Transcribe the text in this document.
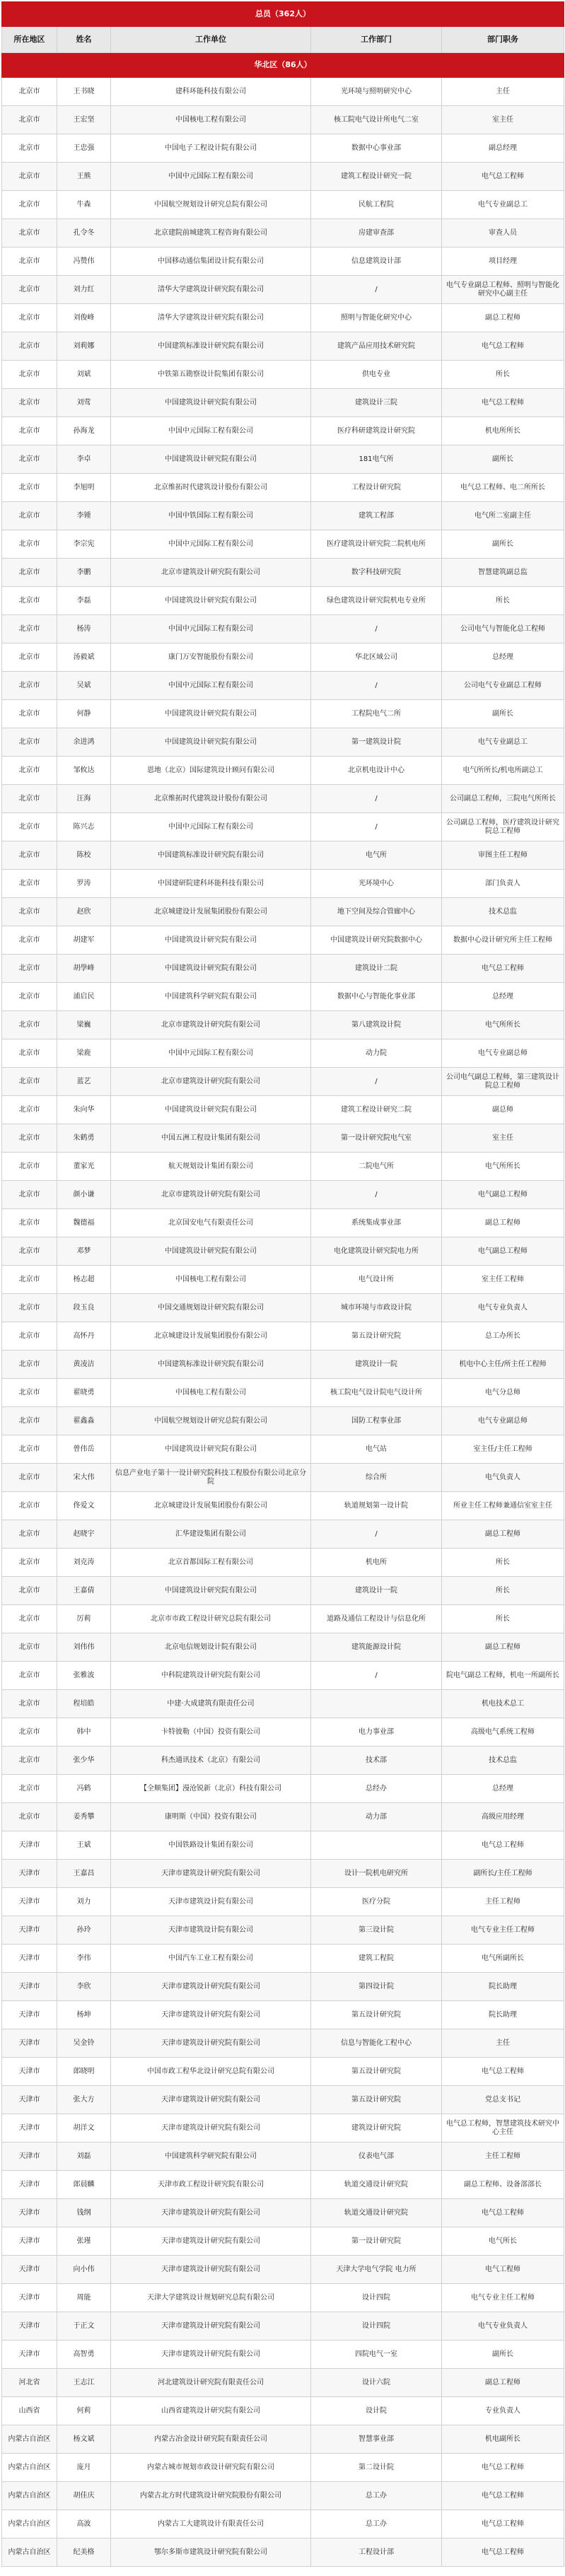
总员（362人）				
所在地区	姓名	工作单位	工作部门	部门职务
华北区（86人）				
北京市	王书晓	建科环能科技有限公司	光环境与照明研究中心	主任
北京市	王宏坚	中国核电工程有限公司	核工院电气设计所电气二室	室主任
北京市	王忠强	中国电子工程设计院有限公司	数据中心事业部	副总经理
北京市	王熊	中国中元国际工程有限公司	建筑工程设计研究一院	电气总工程师
北京市	牛森	中国航空规划设计研究总院有限公司	民航工程院	电气专业副总工
北京市	孔令冬	北京建院前城建筑工程咨询有限公司	房建审查部	审查人员
北京市	冯赞伟	中国移动通信集团设计院有限公司	信息建筑设计部	项目经理
北京市	刘力红	清华大学建筑设计研究院有限公司	/	电气专业副总工程师、照明与智能化研究中心副主任
北京市	刘俊峰	清华大学建筑设计研究院有限公司	照明与智能化研究中心	副总工程师
北京市	刘莉娜	中国建筑标准设计研究院有限公司	建筑产品应用技术研究院	电气总工程师
北京市	刘斌	中铁第五勘察设计院集团有限公司	供电专业	所长
北京市	刘莺	中国建筑设计研究院有限公司	建筑设计三院	电气总工程师
北京市	孙海龙	中国中元国际工程有限公司	医疗科研建筑设计研究院	机电所所长
北京市	李卓	中国建筑设计研究院有限公司	181电气所	副所长
北京市	李旭明	北京维拓时代建筑设计股份有限公司	工程设计研究院	电气总工程师、电二所所长
北京市	李锺	中国中铁国际工程有限公司	建筑工程部	电气所二室副主任
北京市	李宗宪	中国中元国际工程有限公司	医疗建筑设计研究院二院机电所	副所长
北京市	李鹏	北京市建筑设计研究院有限公司	数字科技研究院	智慧建筑副总监
北京市	李磊	中国建筑设计研究院有限公司	绿色建筑设计研究院机电专业所	所长
北京市	杨涛	中国中元国际工程有限公司	/	公司电气与智能化总工程师
北京市	汤毅斌	康门万安智能股份有限公司	华北区域公司	总经理
北京市	吴斌	中国中元国际工程有限公司	/	公司电气专业副总工程师
北京市	何静	中国建筑设计研究院有限公司	工程院电气二所	副所长
北京市	余进鸿	中国建筑设计研究院有限公司	第一建筑设计院	电气专业副总工
北京市	邹攸达	恩地（北京）国际建筑设计顾问有限公司	北京机电设计中心	电气所所长/机电所副总工
北京市	汪海	北京维拓时代建筑设计股份有限公司	/	公司副总工程师，三院电气所所长
北京市	陈兴志	中国中元国际工程有限公司	/	公司副总工程师，医疗建筑设计研究院总工程师
北京市	陈校	中国建筑标准设计研究院有限公司	电气所	审图主任工程师
北京市	罗涛	中国建研院建科环能科技有限公司	光环境中心	部门负责人
北京市	赵欣	北京城建设计发展集团股份有限公司	地下空间及综合管廊中心	技术总监
北京市	胡建军	中国建筑设计研究院有限公司	中国建筑设计研究院数据中心	数据中心设计研究所主任工程师
北京市	胡學峰	中国建筑设计研究院有限公司	建筑设计二院	电气总工程师
北京市	浦启民	中国建筑科学研究院有限公司	数据中心与智能化事业部	总经理
北京市	梁巍	北京市建筑设计研究院有限公司	第八建筑设计院	电气所所长
北京市	梁鹿	中国中元国际工程有限公司	动力院	电气专业副总师
北京市	蓝艺	北京市建筑设计研究院有限公司	/	公司电气副总工程师，第三建筑设计院总工程师
北京市	朱向华	中国建筑设计研究院有限公司	建筑工程设计研究二院	副总师
北京市	朱鹤勇	中国五洲工程设计集团有限公司	第一设计研究院电气室	室主任
北京市	董家光	航天规划设计集团有限公司	二院电气所	电气所所长
北京市	颜小谦	北京市建筑设计研究院有限公司	/	电气副总工程师
北京市	魏德福	北京国安电气有限责任公司	系统集成事业部	副总工程师
北京市	邓梦	中国建筑设计研究院有限公司	电化建筑设计研究院电力所	电气副总工程师
北京市	杨志超	中国核电工程有限公司	电气设计所	室主任工程师
北京市	段玉良	中国交通规划设计研究院有限公司	城市环境与市政设计院	电气专业负责人
北京市	高怀丹	北京城建设计发展集团股份有限公司	第五设计研究院	总工办所长
北京市	黄凌洁	中国建筑标准设计研究院有限公司	建筑设计一院	机电中心主任/所主任工程师
北京市	翟晓勇	中国核电工程有限公司	核工院电气设计院电气设计所	电气分总师
北京市	翟鑫淼	中国航空规划设计研究总院有限公司	国防工程事业部	电气专业副总师
北京市	曾伟岳	中国建筑设计研究院有限公司	电气站	室主任/主任工程师
北京市	宋大伟	信息产业电子第十一设计研究院科技工程股份有限公司北京分院	综合所	电气负责人
北京市	佟爱文	北京城建设计发展集团股份有限公司	轨道规划第一设计院	所业主任工程师兼通信室室主任
北京市	赵晓宇	汇华建设集团有限公司	/	副总工程师
北京市	刘克涛	北京首都国际工程有限公司	机电所	所长
北京市	王嘉倩	中国建筑设计研究院有限公司	建筑设计一院	所长
北京市	厉莉	北京市市政工程设计研究总院有限公司	道路及通信工程设计与信息化所	所长
北京市	刘伟伟	北京电信规划设计院有限公司	建筑能源设计院	副总工程师
北京市	张雅波	中科院建筑设计研究院有限公司	/	院电气副总工程师，机电一所副所长
北京市	程培皓	中建·大成建筑有限责任公司		机电技术总工
北京市	韩中	卡特彼勒（中国）投资有限公司	电力事业部	高级电气系统工程师
北京市	张少华	科杰通讯技术（北京）有限公司	技术部	技术总监
北京市	冯鹤	【全顺集团】漫沧锐新（北京）科技有限公司	总经办	总经理
北京市	姜秀攀	康明斯（中国）投资有限公司	动力部	高级应用经理
天津市	王斌	中国铁路设计集团有限公司		电气总工程师
天津市	王嘉昌	天津市建筑设计研究院有限公司	设计一院机电研究所	副所长/主任工程师
天津市	刘力	天津市建筑设计院有限公司	医疗分院	主任工程师
天津市	孙玲	天津市建筑设计院有限公司	第三设计院	电气专业主任工程师
天津市	李伟	中国汽车工业工程有限公司	建筑工程院	电气所副所长
天津市	李欣	天津市建筑设计研究院有限公司	第四设计院	院长助理
天津市	杨坤	天津市建筑设计研究院有限公司	第五设计研究院	院长助理
天津市	吴金铃	天津市建筑设计研究院有限公司	信息与智能化工程中心	主任
天津市	郎晓明	中国市政工程华北设计研究总院有限公司	第五设计研究院	电气总工程师
天津市	张大方	天津市建筑设计研究院有限公司	第五设计研究院	党总支书记
天津市	胡洋文	天津市建筑设计研究院有限公司	建筑设计研究院	电气总工程师，智慧建筑技术研究中心主任
天津市	刘磊	中国建筑科学研究院有限公司	仪表电气部	主任工程师
天津市	郎晨麟	天津市政工程设计研究院有限公司	轨道交通设计研究院	副总工程师、设备部部长
天津市	钱纲	天津市建筑设计研究院有限公司	轨道交通设计研究院	电气总工程师
天津市	张瑾	天津市建筑设计研究院有限公司	第一设计研究院	电气所长
天津市	向小伟	天津市建筑设计研究院有限公司	天津大学电气学院 电力所	电气工程师
天津市	周能	天津大学建筑设计规划研究总院有限公司	设计四院	电气专业主任工程师
天津市	于正文	天津市建筑设计研究院有限公司	设计四院	电气专业负责人
天津市	高智勇	天津市建筑设计研究院有限公司	四院电气一室	副所长
河北省	王志江	河北建筑设计研究院有限责任公司	设计六院	副总工程师
山西省	何莉	山西省建筑设计研究院有限公司	设计院	专业负责人
内蒙古自治区	杨文斌	内蒙古冶金设计研究院有限责任公司	智慧事业部	机电副所长
内蒙古自治区	庞月	内蒙古城市规划市政设计研究院有限公司	第二设计院	电气总工程师
内蒙古自治区	胡佳庆	内蒙古北方时代建筑设计研究院股份有限公司	总工办	电气总工程师
内蒙古自治区	高波	内蒙古工大建筑设计有限责任公司	总工办	电气总工程师
内蒙古自治区	纪美格	鄂尔多斯市建筑设计研究院有限公司	工程设计部	电气总工程师
